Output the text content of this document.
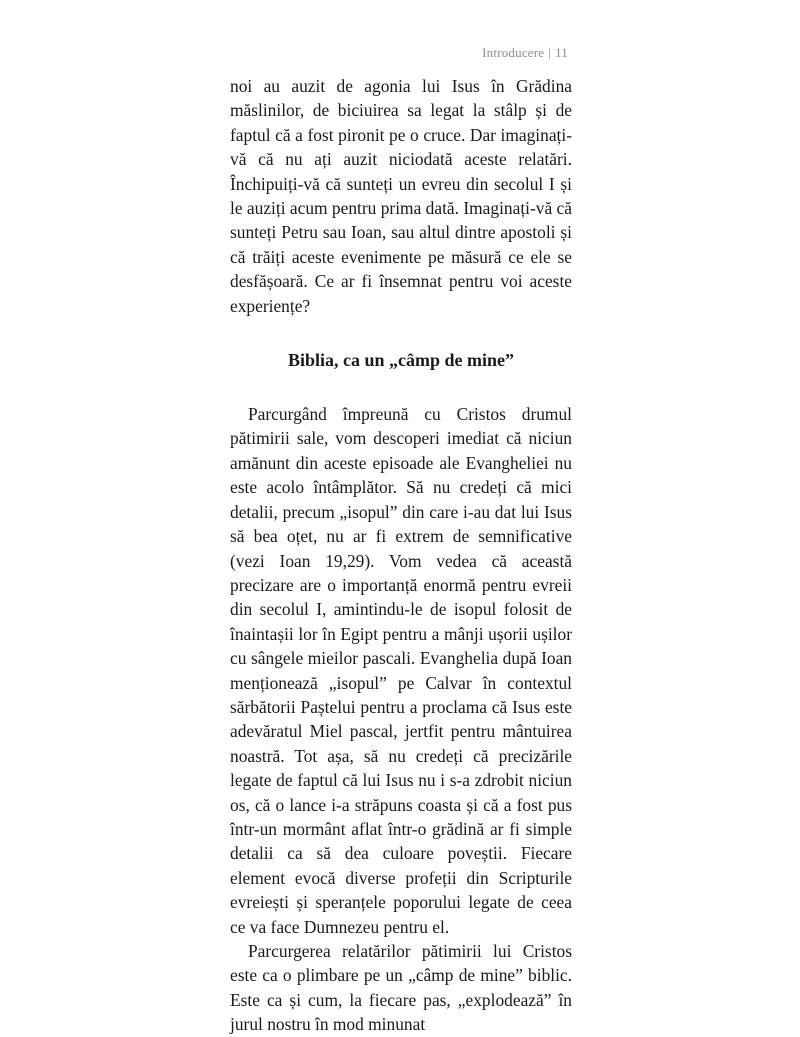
Introducere | 11

noi au auzit de agonia lui Isus în Grădina măslinilor, de biciuirea sa legat la stâlp și de faptul că a fost pironit pe o cruce. Dar imaginați-vă că nu ați auzit niciodată aceste relatări. Închipuiți-vă că sunteți un evreu din secolul I și le auziți acum pentru prima dată. Imaginați-vă că sunteți Petru sau Ioan, sau altul dintre apostoli și că trăiți aceste evenimente pe măsură ce ele se desfășoară. Ce ar fi însemnat pentru voi aceste experiențe?

Biblia, ca un „câmp de mine”

Parcurgând împreună cu Cristos drumul pătimirii sale, vom descoperi imediat că niciun amănunt din aceste episoade ale Evangheliei nu este acolo întâmplător. Să nu credeți că mici detalii, precum „isopul” din care i-au dat lui Isus să bea oțet, nu ar fi extrem de semnificative (vezi Ioan 19,29). Vom vedea că această precizare are o importanță enormă pentru evreii din secolul I, amintindu-le de isopul folosit de înaintașii lor în Egipt pentru a mânji ușorii ușilor cu sângele mieilor pascali. Evanghelia după Ioan menționează „isopul” pe Calvar în contextul sărbătorii Paștelui pentru a proclama că Isus este adevăratul Miel pascal, jertfit pentru mântuirea noastră. Tot așa, să nu credeți că precizările legate de faptul că lui Isus nu i s-a zdrobit niciun os, că o lance i-a străpuns coasta și că a fost pus într-un mormânt aflat într-o grădină ar fi simple detalii ca să dea culoare poveștii. Fiecare element evocă diverse profeții din Scripturile evreiești și speranțele poporului legate de ceea ce va face Dumnezeu pentru el.

Parcurgerea relatărilor pătimirii lui Cristos este ca o plimbare pe un „câmp de mine” biblic. Este ca și cum, la fiecare pas, „explodează” în jurul nostru în mod minunat
